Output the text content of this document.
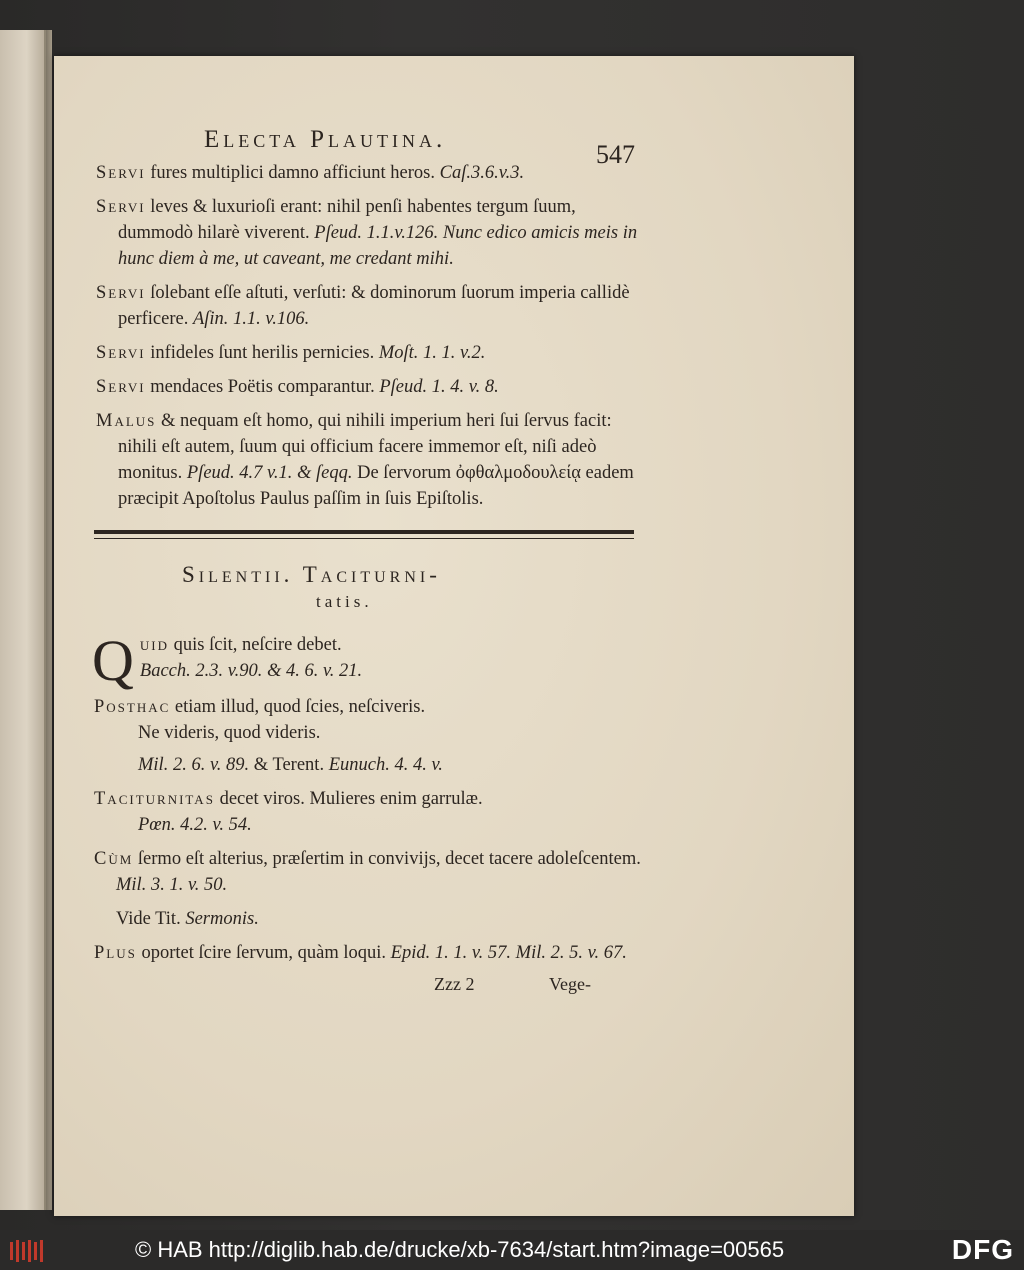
Electa Plautina.
547
Servi fures multiplici damno afficiunt heros. Caſ.3.6.v.3.
Servi leves & luxurioſi erant: nihil penſi habentes tergum ſuum, dummodò hilarè viverent. Pſeud. 1.1.v.126. Nunc edico amicis meis in hunc diem à me, ut caveant, me credant mihi.
Servi ſolebant eſſe aſtuti, verſuti: & dominorum ſuorum imperia callidè perficere. Aſin. 1.1. v.106.
Servi infideles ſunt herilis pernicies. Moſt. 1. 1. v.2.
Servi mendaces Poëtis comparantur. Pſeud. 1. 4. v. 8.
Malus & nequam eſt homo, qui nihili imperium heri ſui ſervus facit: nihili eſt autem, ſuum qui officium facere immemor eſt, niſi adeò monitus. Pſeud. 4.7 v.1. & ſeqq. De ſervorum ὀφθαλμοδουλείᾳ eadem præcipit Apoſtolus Paulus paſſim in ſuis Epiſtolis.
Silentii. Taciturni-
tatis.
Quid quis ſcit, neſcire debet.
Bacch. 2.3. v.90. & 4. 6. v. 21.
Posthac etiam illud, quod ſcies, neſciveris.
Ne videris, quod videris.
Mil. 2. 6. v. 89. & Terent. Eunuch. 4. 4. v.
Taciturnitas decet viros. Mulieres enim garrulæ.
Pœn. 4.2. v. 54.
Cùm ſermo eſt alterius, præſertim in convivijs, decet tacere adoleſcentem. Mil. 3. 1. v. 50.
Vide Tit. Sermonis.
Plus oportet ſcire ſervum, quàm loqui. Epid. 1. 1. v. 57. Mil. 2. 5. v. 67.
Zzz 2	Vege-
© HAB http://diglib.hab.de/drucke/xb-7634/start.htm?image=00565	DFG
